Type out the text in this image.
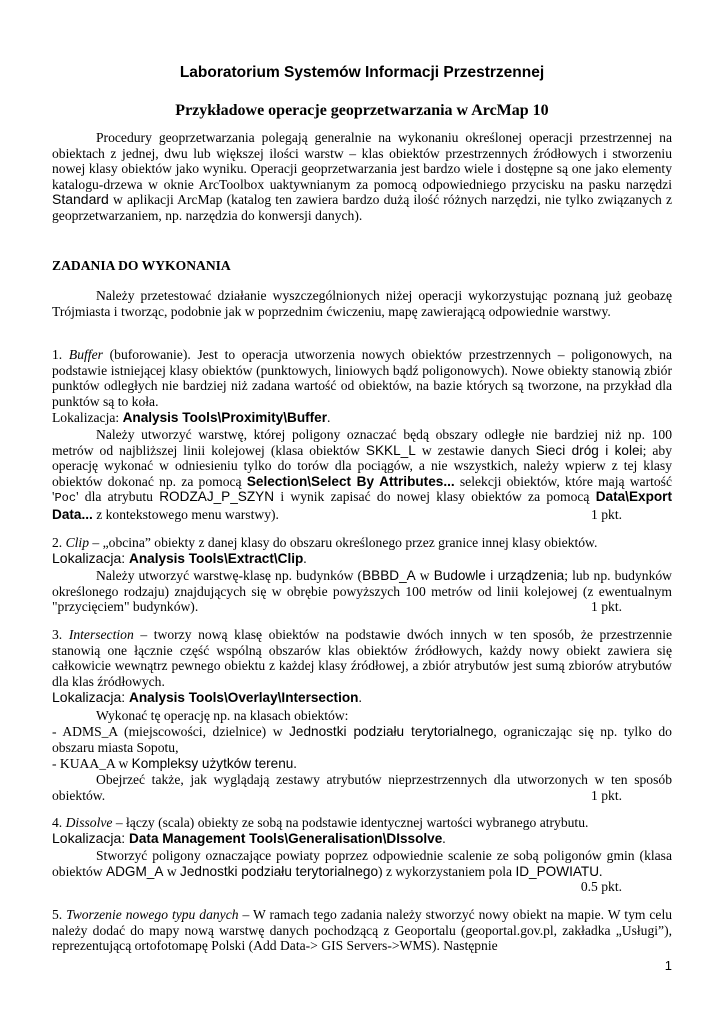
Laboratorium Systemów Informacji Przestrzennej
Przykładowe operacje geoprzetwarzania w ArcMap 10
Procedury geoprzetwarzania polegają generalnie na wykonaniu określonej operacji przestrzennej na obiektach z jednej, dwu lub większej ilości warstw – klas obiektów przestrzennych źródłowych i stworzeniu nowej klasy obiektów jako wyniku. Operacji geoprzetwarzania jest bardzo wiele i dostępne są one jako elementy katalogu-drzewa w oknie ArcToolbox uaktywnianym za pomocą odpowiedniego przycisku na pasku narzędzi Standard w aplikacji ArcMap (katalog ten zawiera bardzo dużą ilość różnych narzędzi, nie tylko związanych z geoprzetwarzaniem, np. narzędzia do konwersji danych).
ZADANIA DO WYKONANIA
Należy przetestować działanie wyszczególnionych niżej operacji wykorzystując poznaną już geobazę Trójmiasta i tworząc, podobnie jak w poprzednim ćwiczeniu, mapę zawierającą odpowiednie warstwy.
1. Buffer (buforowanie). Jest to operacja utworzenia nowych obiektów przestrzennych – poligonowych, na podstawie istniejącej klasy obiektów (punktowych, liniowych bądź poligonowych). Nowe obiekty stanowią zbiór punktów odległych nie bardziej niż zadana wartość od obiektów, na bazie których są tworzone, na przykład dla punktów są to koła.
Lokalizacja: Analysis Tools\Proximity\Buffer.
Należy utworzyć warstwę, której poligony oznaczać będą obszary odległe nie bardziej niż np. 100 metrów od najbliższej linii kolejowej (klasa obiektów SKKL_L w zestawie danych Sieci dróg i kolei; aby operację wykonać w odniesieniu tylko do torów dla pociągów, a nie wszystkich, należy wpierw z tej klasy obiektów dokonać np. za pomocą Selection\Select By Attributes... selekcji obiektów, które mają wartość 'Poc' dla atrybutu RODZAJ_P_SZYN i wynik zapisać do nowej klasy obiektów za pomocą Data\Export Data... z kontekstowego menu warstwy).	1 pkt.
2. Clip – „obcina” obiekty z danej klasy do obszaru określonego przez granice innej klasy obiektów.
Lokalizacja: Analysis Tools\Extract\Clip.
Należy utworzyć warstwę-klasę np. budynków (BBBD_A w Budowle i urządzenia; lub np. budynków określonego rodzaju) znajdujących się w obrębie powyższych 100 metrów od linii kolejowej (z ewentualnym "przycięciem" budynków).	1 pkt.
3. Intersection – tworzy nową klasę obiektów na podstawie dwóch innych w ten sposób, że przestrzennie stanowią one łącznie część wspólną obszarów klas obiektów źródłowych, każdy nowy obiekt zawiera się całkowicie wewnątrz pewnego obiektu z każdej klasy źródłowej, a zbiór atrybutów jest sumą zbiorów atrybutów dla klas źródłowych.
Lokalizacja: Analysis Tools\Overlay\Intersection.
Wykonać tę operację np. na klasach obiektów:
- ADMS_A (miejscowości, dzielnice) w Jednostki podziału terytorialnego, ograniczając się np. tylko do obszaru miasta Sopotu,
- KUAA_A w Kompleksy użytków terenu.
Obejrzeć także, jak wyglądają zestawy atrybutów nieprzestrzennych dla utworzonych w ten sposób obiektów.	1 pkt.
4. Dissolve – łączy (scala) obiekty ze sobą na podstawie identycznej wartości wybranego atrybutu.
Lokalizacja: Data Management Tools\Generalisation\DIssolve.
Stworzyć poligony oznaczające powiaty poprzez odpowiednie scalenie ze sobą poligonów gmin (klasa obiektów ADGM_A w Jednostki podziału terytorialnego) z wykorzystaniem pola ID_POWIATU.
0.5 pkt.
5. Tworzenie nowego typu danych – W ramach tego zadania należy stworzyć nowy obiekt na mapie. W tym celu należy dodać do mapy nową warstwę danych pochodzącą z Geoportalu (geoportal.gov.pl, zakładka „Usługi”), reprezentującą ortofotomapę Polski (Add Data-> GIS Servers->WMS). Następnie
1
